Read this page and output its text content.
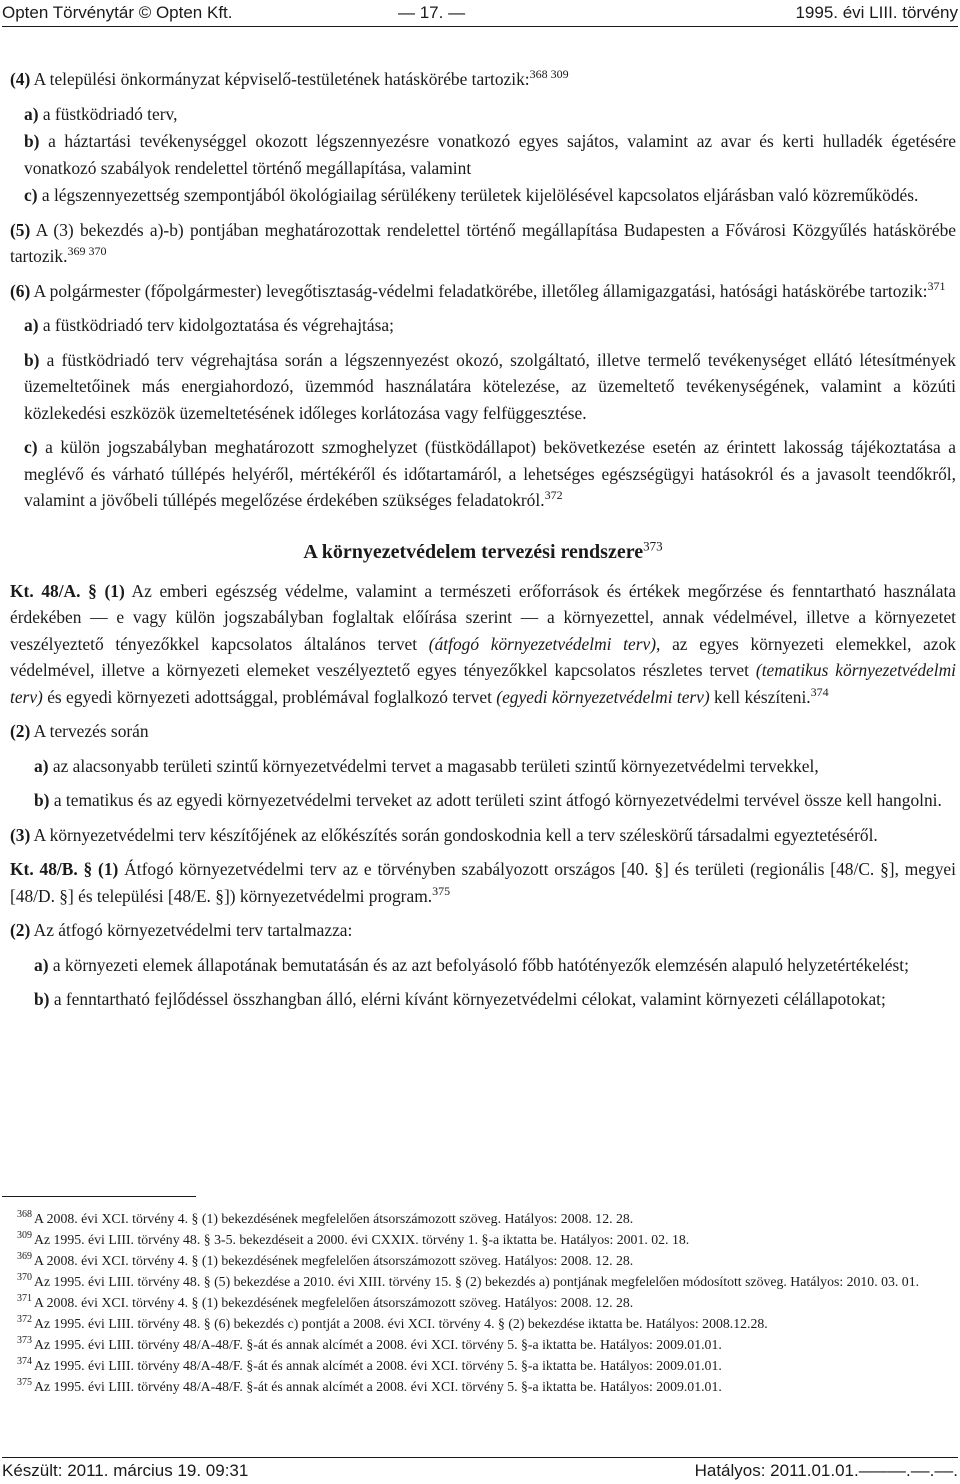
Opten Törvénytár © Opten Kft.	— 17. —	1995. évi LIII. törvény

(4) A települési önkormányzat képviselő-testületének hatáskörébe tartozik:$^{368 309}$

a) a füstködriadó terv,

b) a háztartási tevékenységgel okozott légszennyezésre vonatkozó egyes sajátos, valamint az avar és kerti hulladék égetésére vonatkozó szabályok rendelettel történő megállapítása, valamint

c) a légszennyezettség szempontjából ökológiailag sérülékeny területek kijelölésével kapcsolatos eljárásban való közreműködés.

(5) A (3) bekezdés a)-b) pontjában meghatározottak rendelettel történő megállapítása Budapesten a Fővárosi Közgyűlés hatáskörébe tartozik.$^{369 370}$

(6) A polgármester (főpolgármester) levegőtisztaság-védelmi feladatkörébe, illetőleg államigazgatási, hatósági hatáskörébe tartozik:$^{371}$

a) a füstködriadó terv kidolgoztatása és végrehajtása;

b) a füstködriadó terv végrehajtása során a légszennyezést okozó, szolgáltató, illetve termelő tevékenységet ellátó létesítmények üzemeltetőinek más energiahordozó, üzemmód használatára kötelezése, az üzemeltető tevékenységének, valamint a közúti közlekedési eszközök üzemeltetésének időleges korlátozása vagy felfüggesztése.

c) a külön jogszabályban meghatározott szmoghelyzet (füstködállapot) bekövetkezése esetén az érintett lakosság tájékoztatása a meglévő és várható túllépés helyéről, mértékéről és időtartamáról, a lehetséges egészségügyi hatásokról és a javasolt teendőkről, valamint a jövőbeli túllépés megelőzése érdekében szükséges feladatokról.$^{372}$

A környezetvédelem tervezési rendszere$^{373}$

Kt. 48/A. § (1) Az emberi egészség védelme, valamint a természeti erőforrások és értékek megőrzése és fenntartható használata érdekében — e vagy külön jogszabályban foglaltak előírása szerint — a környezettel, annak védelmével, illetve a környezetet veszélyeztető tényezőkkel kapcsolatos általános tervet (átfogó környezetvédelmi terv), az egyes környezeti elemekkel, azok védelmével, illetve a környezeti elemeket veszélyeztető egyes tényezőkkel kapcsolatos részletes tervet (tematikus környezetvédelmi terv) és egyedi környezeti adottsággal, problémával foglalkozó tervet (egyedi környezetvédelmi terv) kell készíteni.$^{374}$

(2) A tervezés során

a) az alacsonyabb területi szintű környezetvédelmi tervet a magasabb területi szintű környezetvédelmi tervekkel,

b) a tematikus és az egyedi környezetvédelmi terveket az adott területi szint átfogó környezetvédelmi tervével össze kell hangolni.

(3) A környezetvédelmi terv készítőjének az előkészítés során gondoskodnia kell a terv széleskörű társadalmi egyeztetéséről.

Kt. 48/B. § (1) Átfogó környezetvédelmi terv az e törvényben szabályozott országos [40. §] és területi (regionális [48/C. §], megyei [48/D. §] és települési [48/E. §]) környezetvédelmi program.$^{375}$

(2) Az átfogó környezetvédelmi terv tartalmazza:

a) a környezeti elemek állapotának bemutatásán és az azt befolyásoló főbb hatótényezők elemzésén alapuló helyzetértékelést;

b) a fenntartható fejlődéssel összhangban álló, elérni kívánt környezetvédelmi célokat, valamint környezeti célállapotokat;

$^{368}$ A 2008. évi XCI. törvény 4. § (1) bekezdésének megfelelően átsorszámozott szöveg. Hatályos: 2008. 12. 28.

$^{309}$ Az 1995. évi LIII. törvény 48. § 3-5. bekezdéseit a 2000. évi CXXIX. törvény 1. §-a iktatta be. Hatályos: 2001. 02. 18.

$^{369}$ A 2008. évi XCI. törvény 4. § (1) bekezdésének megfelelően átsorszámozott szöveg. Hatályos: 2008. 12. 28.

$^{370}$ Az 1995. évi LIII. törvény 48. § (5) bekezdése a 2010. évi XIII. törvény 15. § (2) bekezdés a) pontjának megfelelően módosított szöveg. Hatályos: 2010. 03. 01.

$^{371}$ A 2008. évi XCI. törvény 4. § (1) bekezdésének megfelelően átsorszámozott szöveg. Hatályos: 2008. 12. 28.

$^{372}$ Az 1995. évi LIII. törvény 48. § (6) bekezdés c) pontját a 2008. évi XCI. törvény 4. § (2) bekezdése iktatta be. Hatályos: 2008.12.28.

$^{373}$ Az 1995. évi LIII. törvény 48/A-48/F. §-át és annak alcímét a 2008. évi XCI. törvény 5. §-a iktatta be. Hatályos: 2009.01.01.

$^{374}$ Az 1995. évi LIII. törvény 48/A-48/F. §-át és annak alcímét a 2008. évi XCI. törvény 5. §-a iktatta be. Hatályos: 2009.01.01.

$^{375}$ Az 1995. évi LIII. törvény 48/A-48/F. §-át és annak alcímét a 2008. évi XCI. törvény 5. §-a iktatta be. Hatályos: 2009.01.01.

Készült: 2011. március 19. 09:31	Hatályos: 2011.01.01.–––––.––.––.
